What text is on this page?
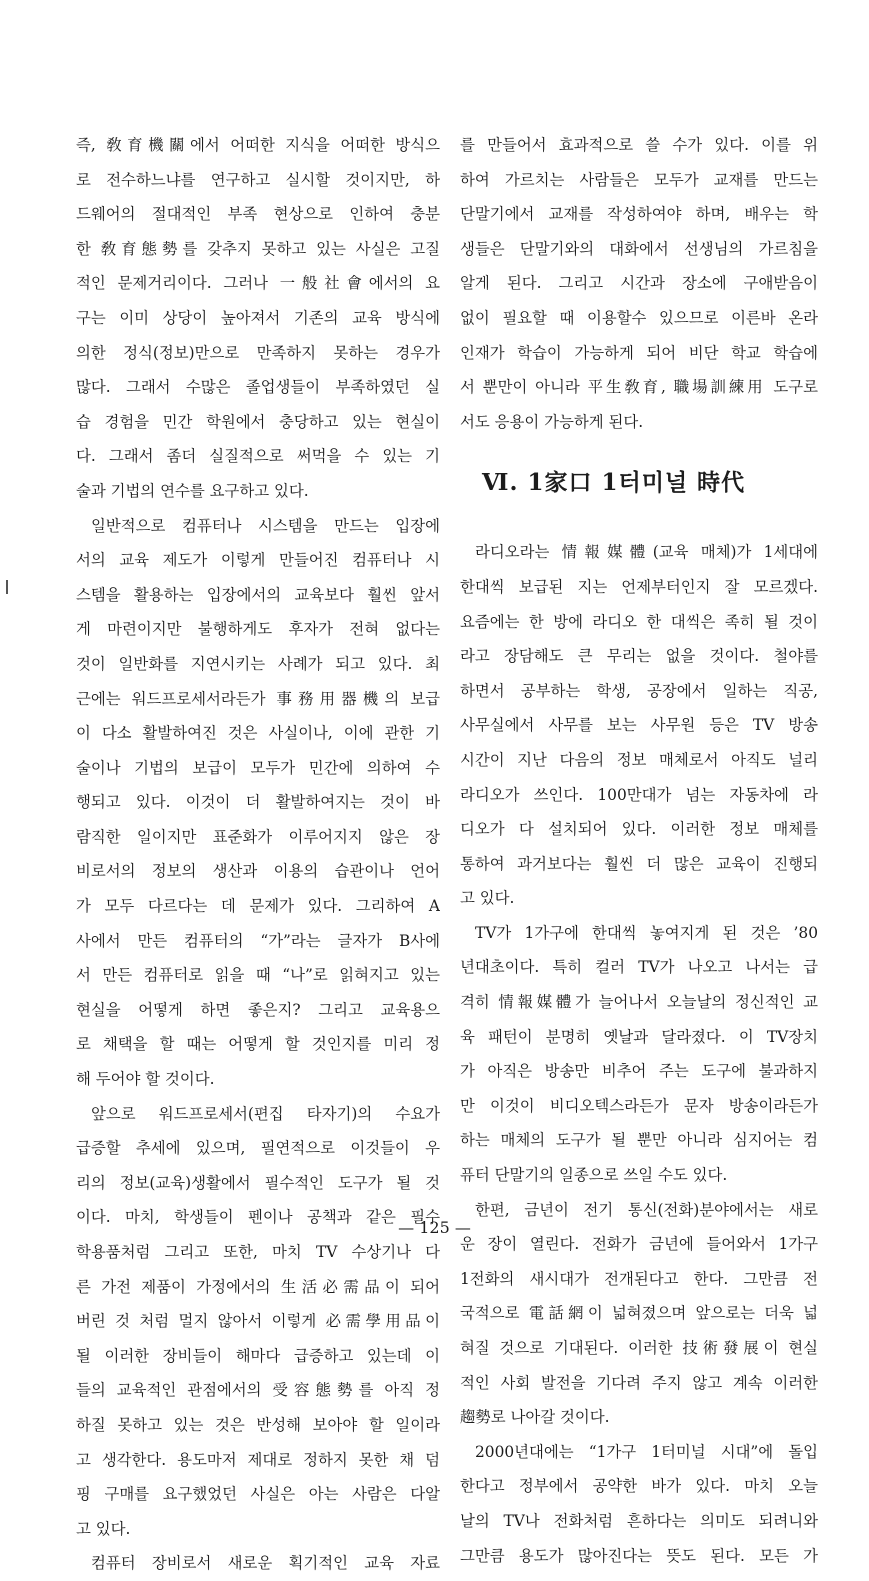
즉, 敎育機關에서 어떠한 지식을 어떠한 방식으
로 전수하느냐를 연구하고 실시할 것이지만, 하
드웨어의 절대적인 부족 현상으로 인하여 충분
한 敎育態勢를 갖추지 못하고 있는 사실은 고질
적인 문제거리이다. 그러나 一般社會에서의 요
구는 이미 상당이 높아져서 기존의 교육 방식에
의한 정식(정보)만으로 만족하지 못하는 경우가
많다. 그래서 수많은 졸업생들이 부족하였던 실
습 경험을 민간 학원에서 충당하고 있는 현실이
다. 그래서 좀더 실질적으로 써먹을 수 있는 기
술과 기법의 연수를 요구하고 있다.
일반적으로 컴퓨터나 시스템을 만드는 입장에
서의 교육 제도가 이렇게 만들어진 컴퓨터나 시
스템을 활용하는 입장에서의 교육보다 훨씬 앞서
게 마련이지만 불행하게도 후자가 전혀 없다는
것이 일반화를 지연시키는 사례가 되고 있다. 최
근에는 워드프로세서라든가 事務用器機의 보급
이 다소 활발하여진 것은 사실이나, 이에 관한 기
술이나 기법의 보급이 모두가 민간에 의하여 수
행되고 있다. 이것이 더 활발하여지는 것이 바
람직한 일이지만 표준화가 이루어지지 않은 장
비로서의 정보의 생산과 이용의 습관이나 언어
가 모두 다르다는 데 문제가 있다. 그리하여 A
사에서 만든 컴퓨터의 “가”라는 글자가 B사에
서 만든 컴퓨터로 읽을 때 “나”로 읽혀지고 있는
현실을 어떻게 하면 좋은지? 그리고 교육용으
로 채택을 할 때는 어떻게 할 것인지를 미리 정
해 두어야 할 것이다.
앞으로 워드프로세서(편집 타자기)의 수요가
급증할 추세에 있으며, 필연적으로 이것들이 우
리의 정보(교육)생활에서 필수적인 도구가 될 것
이다. 마치, 학생들이 펜이나 공책과 같은 필수
학용품처럼 그리고 또한, 마치 TV 수상기나 다
른 가전 제품이 가정에서의 生活必需品이 되어
버린 것 처럼 멀지 않아서 이렇게 必需學用品이
될 이러한 장비들이 해마다 급증하고 있는데 이
들의 교육적인 관점에서의 受容態勢를 아직 정
하질 못하고 있는 것은 반성해 보아야 할 일이라
고 생각한다. 용도마저 제대로 정하지 못한 채 덤
핑 구매를 요구했었던 사실은 아는 사람은 다알
고 있다.
컴퓨터 장비로서 새로운 획기적인 교육 자료
를 만들어서 효과적으로 쓸 수가 있다. 이를 위
하여 가르치는 사람들은 모두가 교재를 만드는
단말기에서 교재를 작성하여야 하며, 배우는 학
생들은 단말기와의 대화에서 선생님의 가르침을
알게 된다. 그리고 시간과 장소에 구애받음이
없이 필요할 때 이용할수 있으므로 이른바 온라
인재가 학습이 가능하게 되어 비단 학교 학습에
서 뿐만이 아니라 平生敎育, 職場訓練用 도구로
서도 응용이 가능하게 된다.
Ⅵ. 1家口 1터미널 時代
라디오라는 情報媒體(교육 매체)가 1세대에
한대씩 보급된 지는 언제부터인지 잘 모르겠다.
요즘에는 한 방에 라디오 한 대씩은 족히 될 것이
라고 장담해도 큰 무리는 없을 것이다. 철야를
하면서 공부하는 학생, 공장에서 일하는 직공,
사무실에서 사무를 보는 사무원 등은 TV 방송
시간이 지난 다음의 정보 매체로서 아직도 널리
라디오가 쓰인다. 100만대가 넘는 자동차에 라
디오가 다 설치되어 있다. 이러한 정보 매체를
통하여 과거보다는 훨씬 더 많은 교육이 진행되
고 있다.
TV가 1가구에 한대씩 놓여지게 된 것은 ’80
년대초이다. 특히 컬러 TV가 나오고 나서는 급
격히 情報媒體가 늘어나서 오늘날의 정신적인 교
육 패턴이 분명히 옛날과 달라졌다. 이 TV장치
가 아직은 방송만 비추어 주는 도구에 불과하지
만 이것이 비디오텍스라든가 문자 방송이라든가
하는 매체의 도구가 될 뿐만 아니라 심지어는 컴
퓨터 단말기의 일종으로 쓰일 수도 있다.
한편, 금년이 전기 통신(전화)분야에서는 새로
운 장이 열린다. 전화가 금년에 들어와서 1가구
1전화의 새시대가 전개된다고 한다. 그만큼 전
국적으로 電話網이 넓혀졌으며 앞으로는 더욱 넓
혀질 것으로 기대된다. 이러한 技術發展이 현실
적인 사회 발전을 기다려 주지 않고 계속 이러한
趨勢로 나아갈 것이다.
2000년대에는 “1가구 1터미널 시대”에 돌입
한다고 정부에서 공약한 바가 있다. 마치 오늘
날의 TV나 전화처럼 흔하다는 의미도 되려니와
그만큼 용도가 많아진다는 뜻도 된다. 모든 가
— 125 —
